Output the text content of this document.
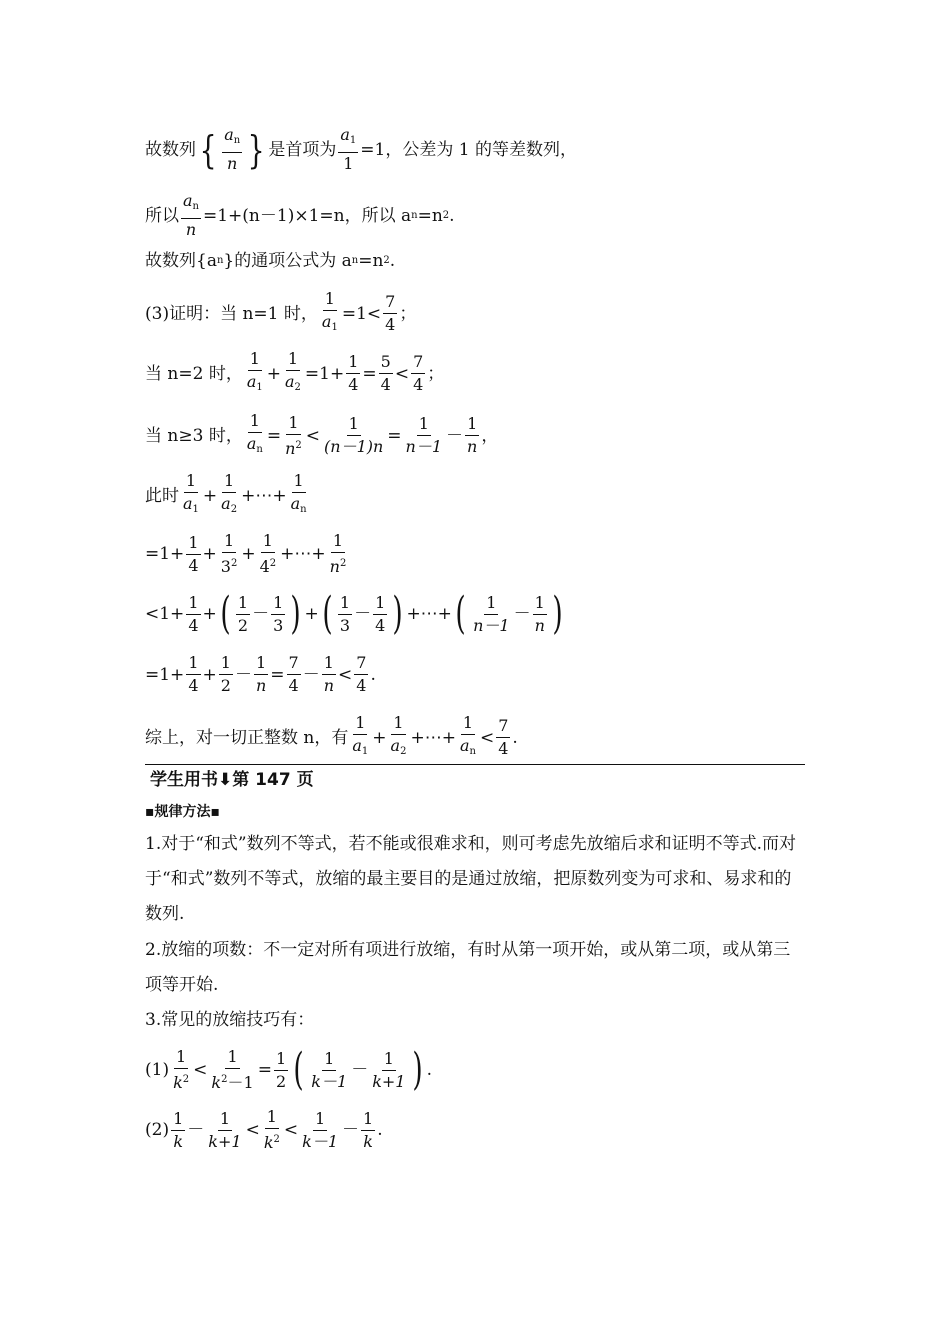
故数列 { $\frac{a_n}{n}$ } 是首项为 $\frac{a_1}{1} =1$，公差为 1 的等差数列，
所以 $\frac{a_n}{n} =1+(n-1)\times 1=n$，所以 a n =n 2 .
故数列{a n }的通项公式为 a n =n 2 .
(3)证明：当 n=1 时， $\frac{1}{a_1} =1< \frac{7}{4}$ ；
当 n=2 时， $\frac{1}{a_1} + \frac{1}{a_2} =1+ \frac{1}{4} = \frac{5}{4} < \frac{7}{4}$ ；
当 n≥3 时， $\frac{1}{a_n} = \frac{1}{n^2} < \frac{1}{(n-1)n} = \frac{1}{n-1} - \frac{1}{n}$ ，
此时 $\frac{1}{a_1} + \frac{1}{a_2}$ +⋯+ $\frac{1}{a_n}$
$=1+ \frac{1}{4} + \frac{1}{3^2} + \frac{1}{4^2}$ +⋯+ $\frac{1}{n^2}$
$<1+ \frac{1}{4}$ + ( $\frac{1}{2} - \frac{1}{3}$ ) + ( $\frac{1}{3} - \frac{1}{4}$ ) +⋯+ ( $\frac{1}{n-1} - \frac{1}{n}$ )
$=1+ \frac{1}{4} + \frac{1}{2} - \frac{1}{n} = \frac{7}{4} - \frac{1}{n} < \frac{7}{4}$ .
综上，对一切正整数 n，有 $\frac{1}{a_1} + \frac{1}{a_2}$ +⋯+ $\frac{1}{a_n} < \frac{7}{4}$ .
学生用书⬇第 147 页
▪规律方法▪
1.对于“和式”数列不等式，若不能或很难求和，则可考虑先放缩后求和证明不等式.而对于“和式”数列不等式，放缩的最主要目的是通过放缩，把原数列变为可求和、易求和的数列.
2.放缩的项数：不一定对所有项进行放缩，有时从第一项开始，或从第二项，或从第三项等开始.
3.常见的放缩技巧有：
$(1) \frac{1}{k^2} < \frac{1}{k^2-1} = \frac{1}{2}$ ( $\frac{1}{k-1} - \frac{1}{k+1}$ ) .
$(2) \frac{1}{k} - \frac{1}{k+1} < \frac{1}{k^2} < \frac{1}{k-1} - \frac{1}{k}$ .
